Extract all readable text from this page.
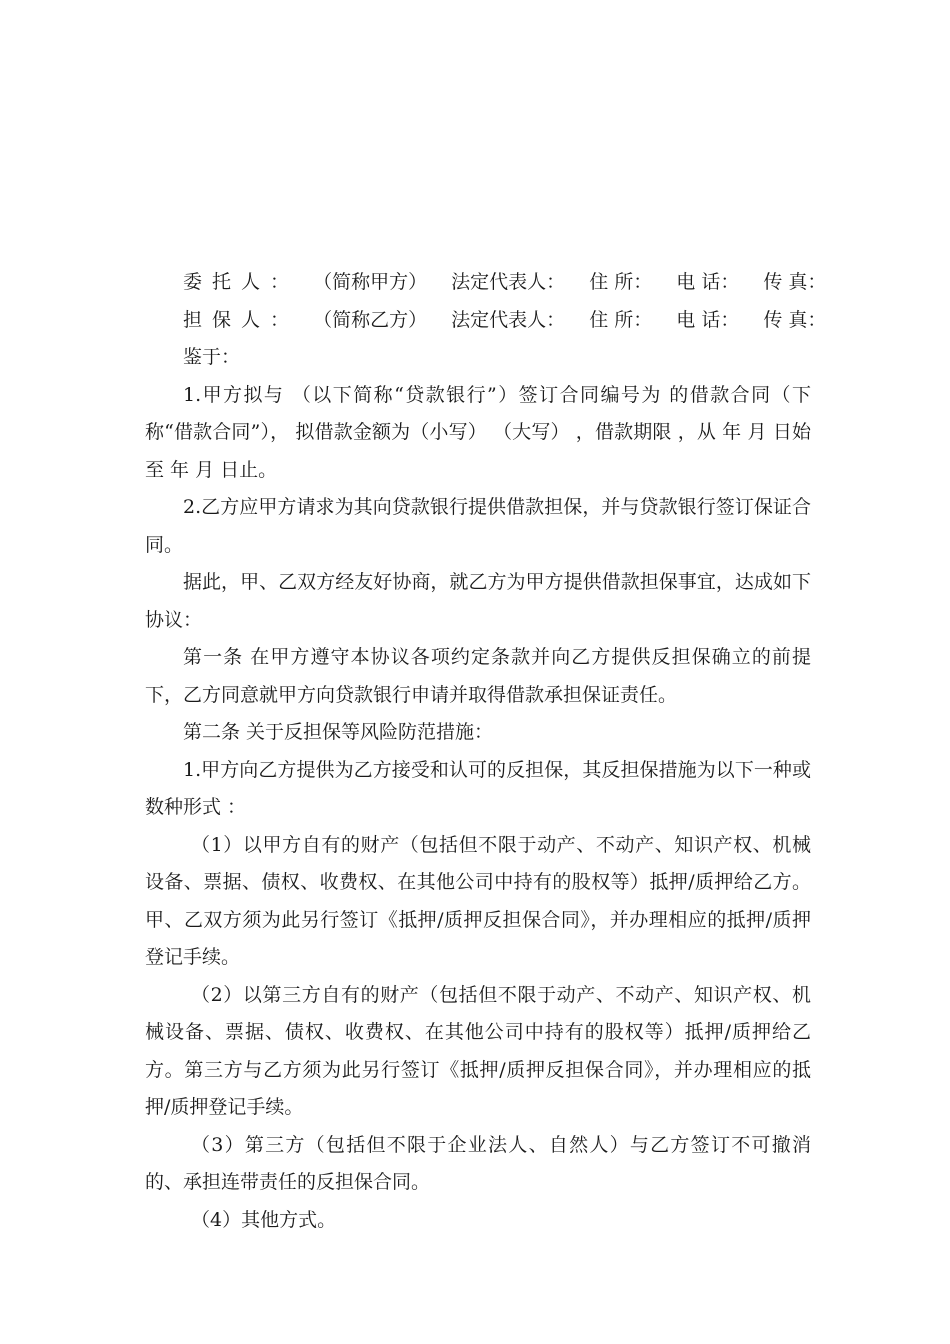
委托人： （简称甲方） 法定代表人： 住 所： 电 话： 传 真：

担保人： （简称乙方） 法定代表人： 住 所： 电 话： 传 真：

鉴于：

1.甲方拟与 （以下简称“贷款银行”）签订合同编号为 的借款合同（下称“借款合同”）， 拟借款金额为（小写） （大写） ，借款期限 ，从 年 月 日始至 年 月 日止。

2.乙方应甲方请求为其向贷款银行提供借款担保，并与贷款银行签订保证合同。

据此，甲、乙双方经友好协商，就乙方为甲方提供借款担保事宜，达成如下协议：

第一条 在甲方遵守本协议各项约定条款并向乙方提供反担保确立的前提下，乙方同意就甲方向贷款银行申请并取得借款承担保证责任。

第二条 关于反担保等风险防范措施：

1.甲方向乙方提供为乙方接受和认可的反担保，其反担保措施为以下一种或数种形式 ：

（1）以甲方自有的财产（包括但不限于动产、不动产、知识产权、机械设备、票据、债权、收费权、在其他公司中持有的股权等）抵押/质押给乙方。甲、乙双方须为此另行签订《抵押/质押反担保合同》，并办理相应的抵押/质押登记手续。

（2）以第三方自有的财产（包括但不限于动产、不动产、知识产权、机械设备、票据、债权、收费权、在其他公司中持有的股权等）抵押/质押给乙方。第三方与乙方须为此另行签订《抵押/质押反担保合同》，并办理相应的抵押/质押登记手续。

（3）第三方（包括但不限于企业法人、自然人）与乙方签订不可撤消的、承担连带责任的反担保合同。

（4）其他方式。
